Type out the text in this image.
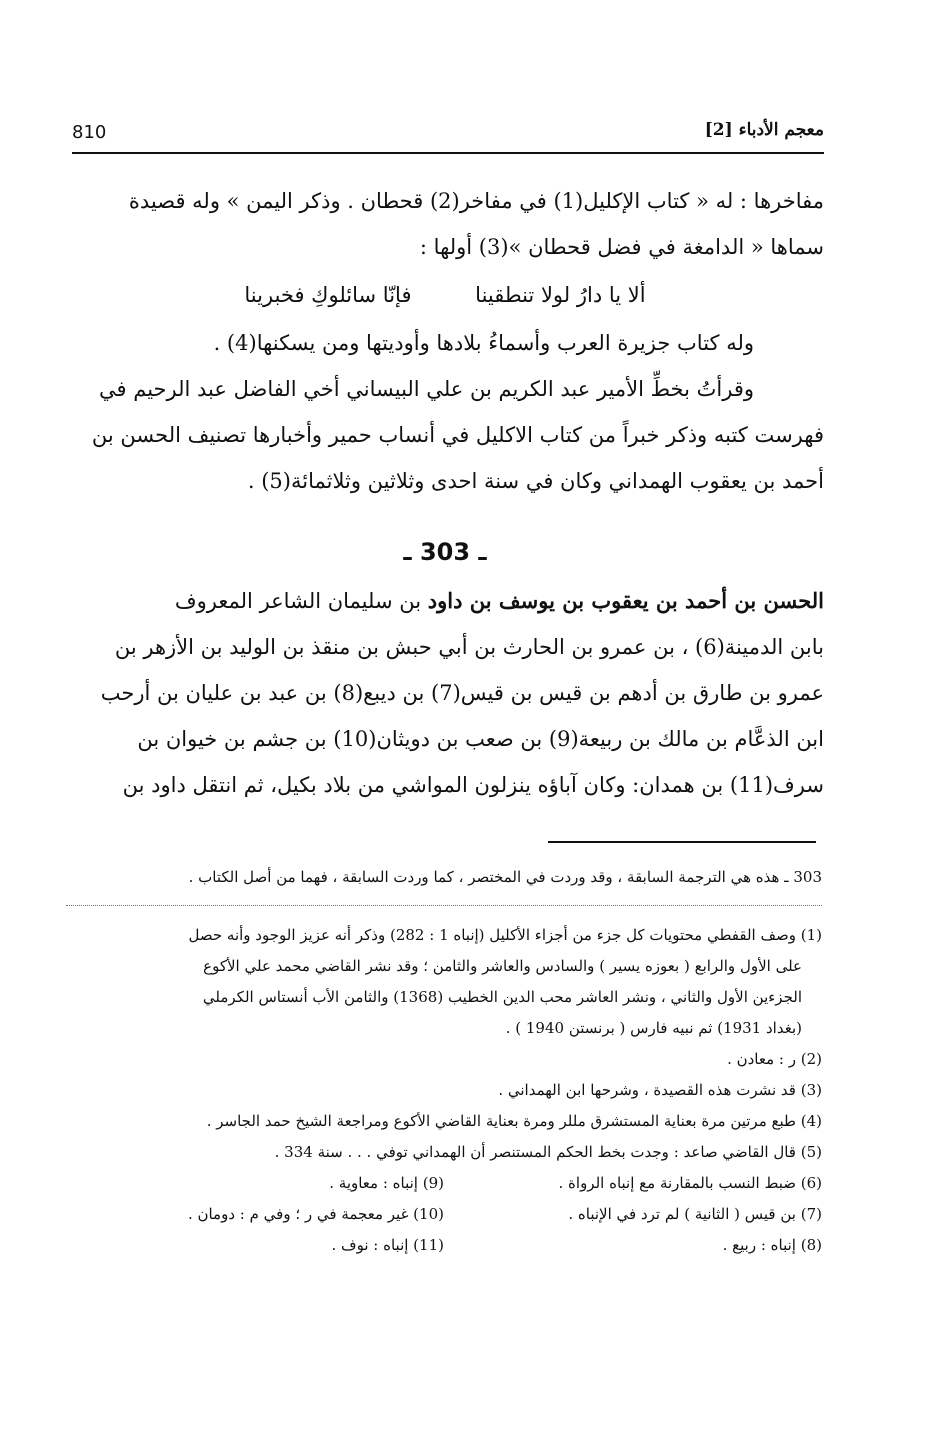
810	معجم الأدباء [2]

مفاخرها : له « كتاب الإكليل(1) في مفاخر(2) قحطان . وذكر اليمن » وله قصيدة

سماها « الدامغة في فضل قحطان »(3) أولها :

ألا يا دارُ لولا تنطقينا فإنّا سائلوكِ فخبرينا

وله كتاب جزيرة العرب وأسماءُ بلادها وأوديتها ومن يسكنها(4) .

وقرأتُ بخطِّ الأمير عبد الكريم بن علي البيساني أخي الفاضل عبد الرحيم في

فهرست كتبه وذكر خبراً من كتاب الاكليل في أنساب حمير وأخبارها تصنيف الحسن بن

أحمد بن يعقوب الهمداني وكان في سنة احدى وثلاثين وثلاثمائة(5) .

ـ 303 ـ

الحسن بن أحمد بن يعقوب بن يوسف بن داود بن سليمان الشاعر المعروف

بابن الدمينة(6) ، بن عمرو بن الحارث بن أبي حبش بن منقذ بن الوليد بن الأزهر بن

عمرو بن طارق بن أدهم بن قيس بن قيس(7) بن ديبع(8) بن عبد بن عليان بن أرحب

ابن الذعَّام بن مالك بن ربيعة(9) بن صعب بن دويثان(10) بن جشم بن خيوان بن

سرف(11) بن همدان: وكان آباؤه ينزلون المواشي من بلاد بكيل، ثم انتقل داود بن

303 ـ هذه هي الترجمة السابقة ، وقد وردت في المختصر ، كما وردت السابقة ، فهما من أصل الكتاب .

(1) وصف القفطي محتويات كل جزء من أجزاء الأكليل (إنباه 1 : 282) وذكر أنه عزيز الوجود وأنه حصل

على الأول والرابع ( بعوزه يسير ) والسادس والعاشر والثامن ؛ وقد نشر القاضي محمد علي الأكوع

الجزءين الأول والثاني ، ونشر العاشر محب الدين الخطيب (1368) والثامن الأب أنستاس الكرملي

(بغداد 1931) ثم نبيه فارس ( برنستن 1940 ) .

(2) ر : معادن .

(3) قد نشرت هذه القصيدة ، وشرحها ابن الهمداني .

(4) طبع مرتين مرة بعناية المستشرق مللر ومرة بعناية القاضي الأكوع ومراجعة الشيخ حمد الجاسر .

(5) قال القاضي صاعد : وجدت بخط الحكم المستنصر أن الهمداني توفي . . . سنة 334 .

(6) ضبط النسب بالمقارنة مع إنباه الرواة .

(7) بن قيس ( الثانية ) لم ترد في الإنباه .

(8) إنباه : ربيع .

(9) إنباه : معاوية .

(10) غير معجمة في ر ؛ وفي م : دومان .

(11) إنباه : نوف .
